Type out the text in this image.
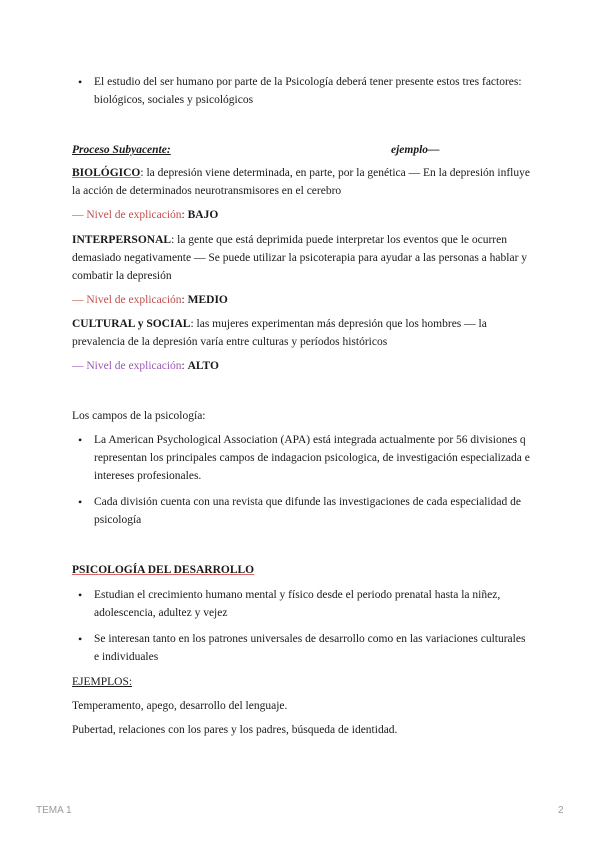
• El estudio del ser humano por parte de la Psicología deberá tener presente estos tres factores: biológicos, sociales y psicológicos
Proceso Subyacente:	ejemplo—
BIOLÓGICO: la depresión viene determinada, en parte, por la genética — En la depresión influye la acción de determinados neurotransmisores en el cerebro
— Nivel de explicación: BAJO
INTERPERSONAL: la gente que está deprimida puede interpretar los eventos que le ocurren demasiado negativamente — Se puede utilizar la psicoterapia para ayudar a las personas a hablar y combatir la depresión
— Nivel de explicación: MEDIO
CULTURAL y SOCIAL: las mujeres experimentan más depresión que los hombres — la prevalencia de la depresión varía entre culturas y períodos históricos
— Nivel de explicación: ALTO
Los campos de la psicología:
• La American Psychological Association (APA) está integrada actualmente por 56 divisiones q representan los principales campos de indagacion psicologica, de investigación especializada e intereses profesionales.
• Cada división cuenta con una revista que difunde las investigaciones de cada especialidad de psicología
PSICOLOGÍA DEL DESARROLLO
• Estudian el crecimiento humano mental y físico desde el periodo prenatal hasta la niñez, adolescencia, adultez y vejez
• Se interesan tanto en los patrones universales de desarrollo como en las variaciones culturales e individuales
EJEMPLOS:
Temperamento, apego, desarrollo del lenguaje.
Pubertad, relaciones con los pares y los padres, búsqueda de identidad.
TEMA 1	2
